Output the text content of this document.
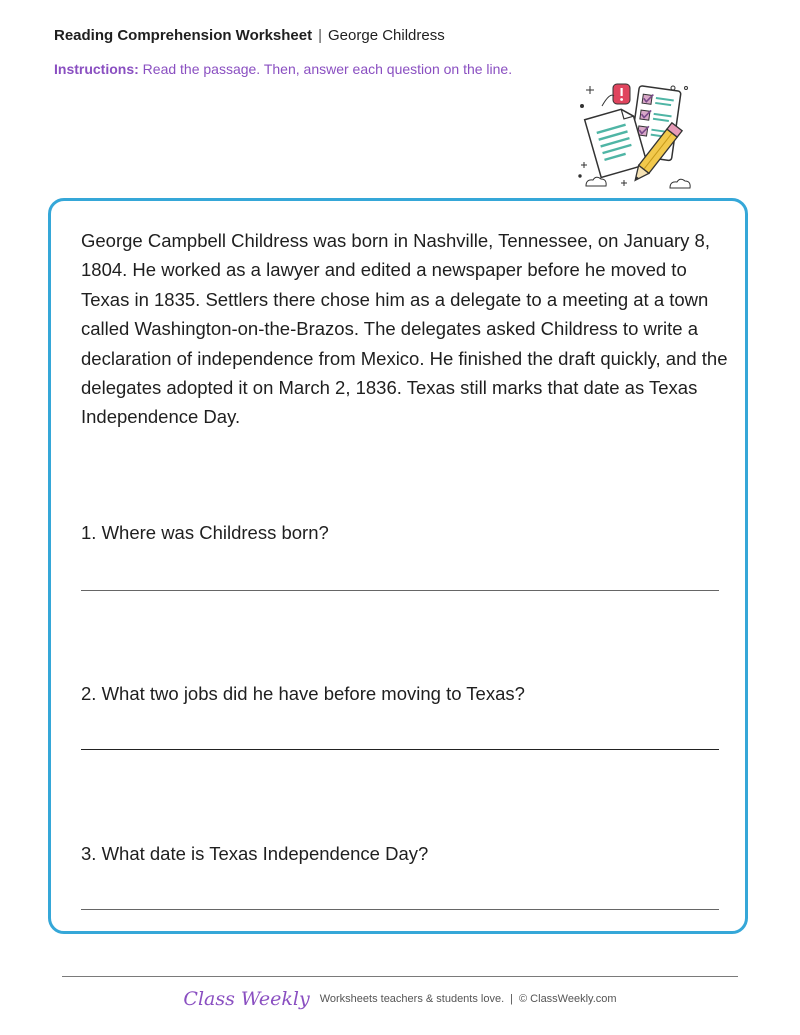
Reading Comprehension Worksheet | George Childress
Instructions: Read the passage. Then, answer each question on the line.
George Campbell Childress was born in Nashville, Tennessee, on January 8, 1804. He worked as a lawyer and edited a newspaper before he moved to Texas in 1835. Settlers there chose him as a delegate to a meeting at a town called Washington-on-the-Brazos. The delegates asked Childress to write a declaration of independence from Mexico. He finished the draft quickly, and the delegates adopted it on March 2, 1836. Texas still marks that date as Texas Independence Day.
1. Where was Childress born?
2. What two jobs did he have before moving to Texas?
3. What date is Texas Independence Day?
Class Weekly Worksheets teachers & students love. | © ClassWeekly.com
